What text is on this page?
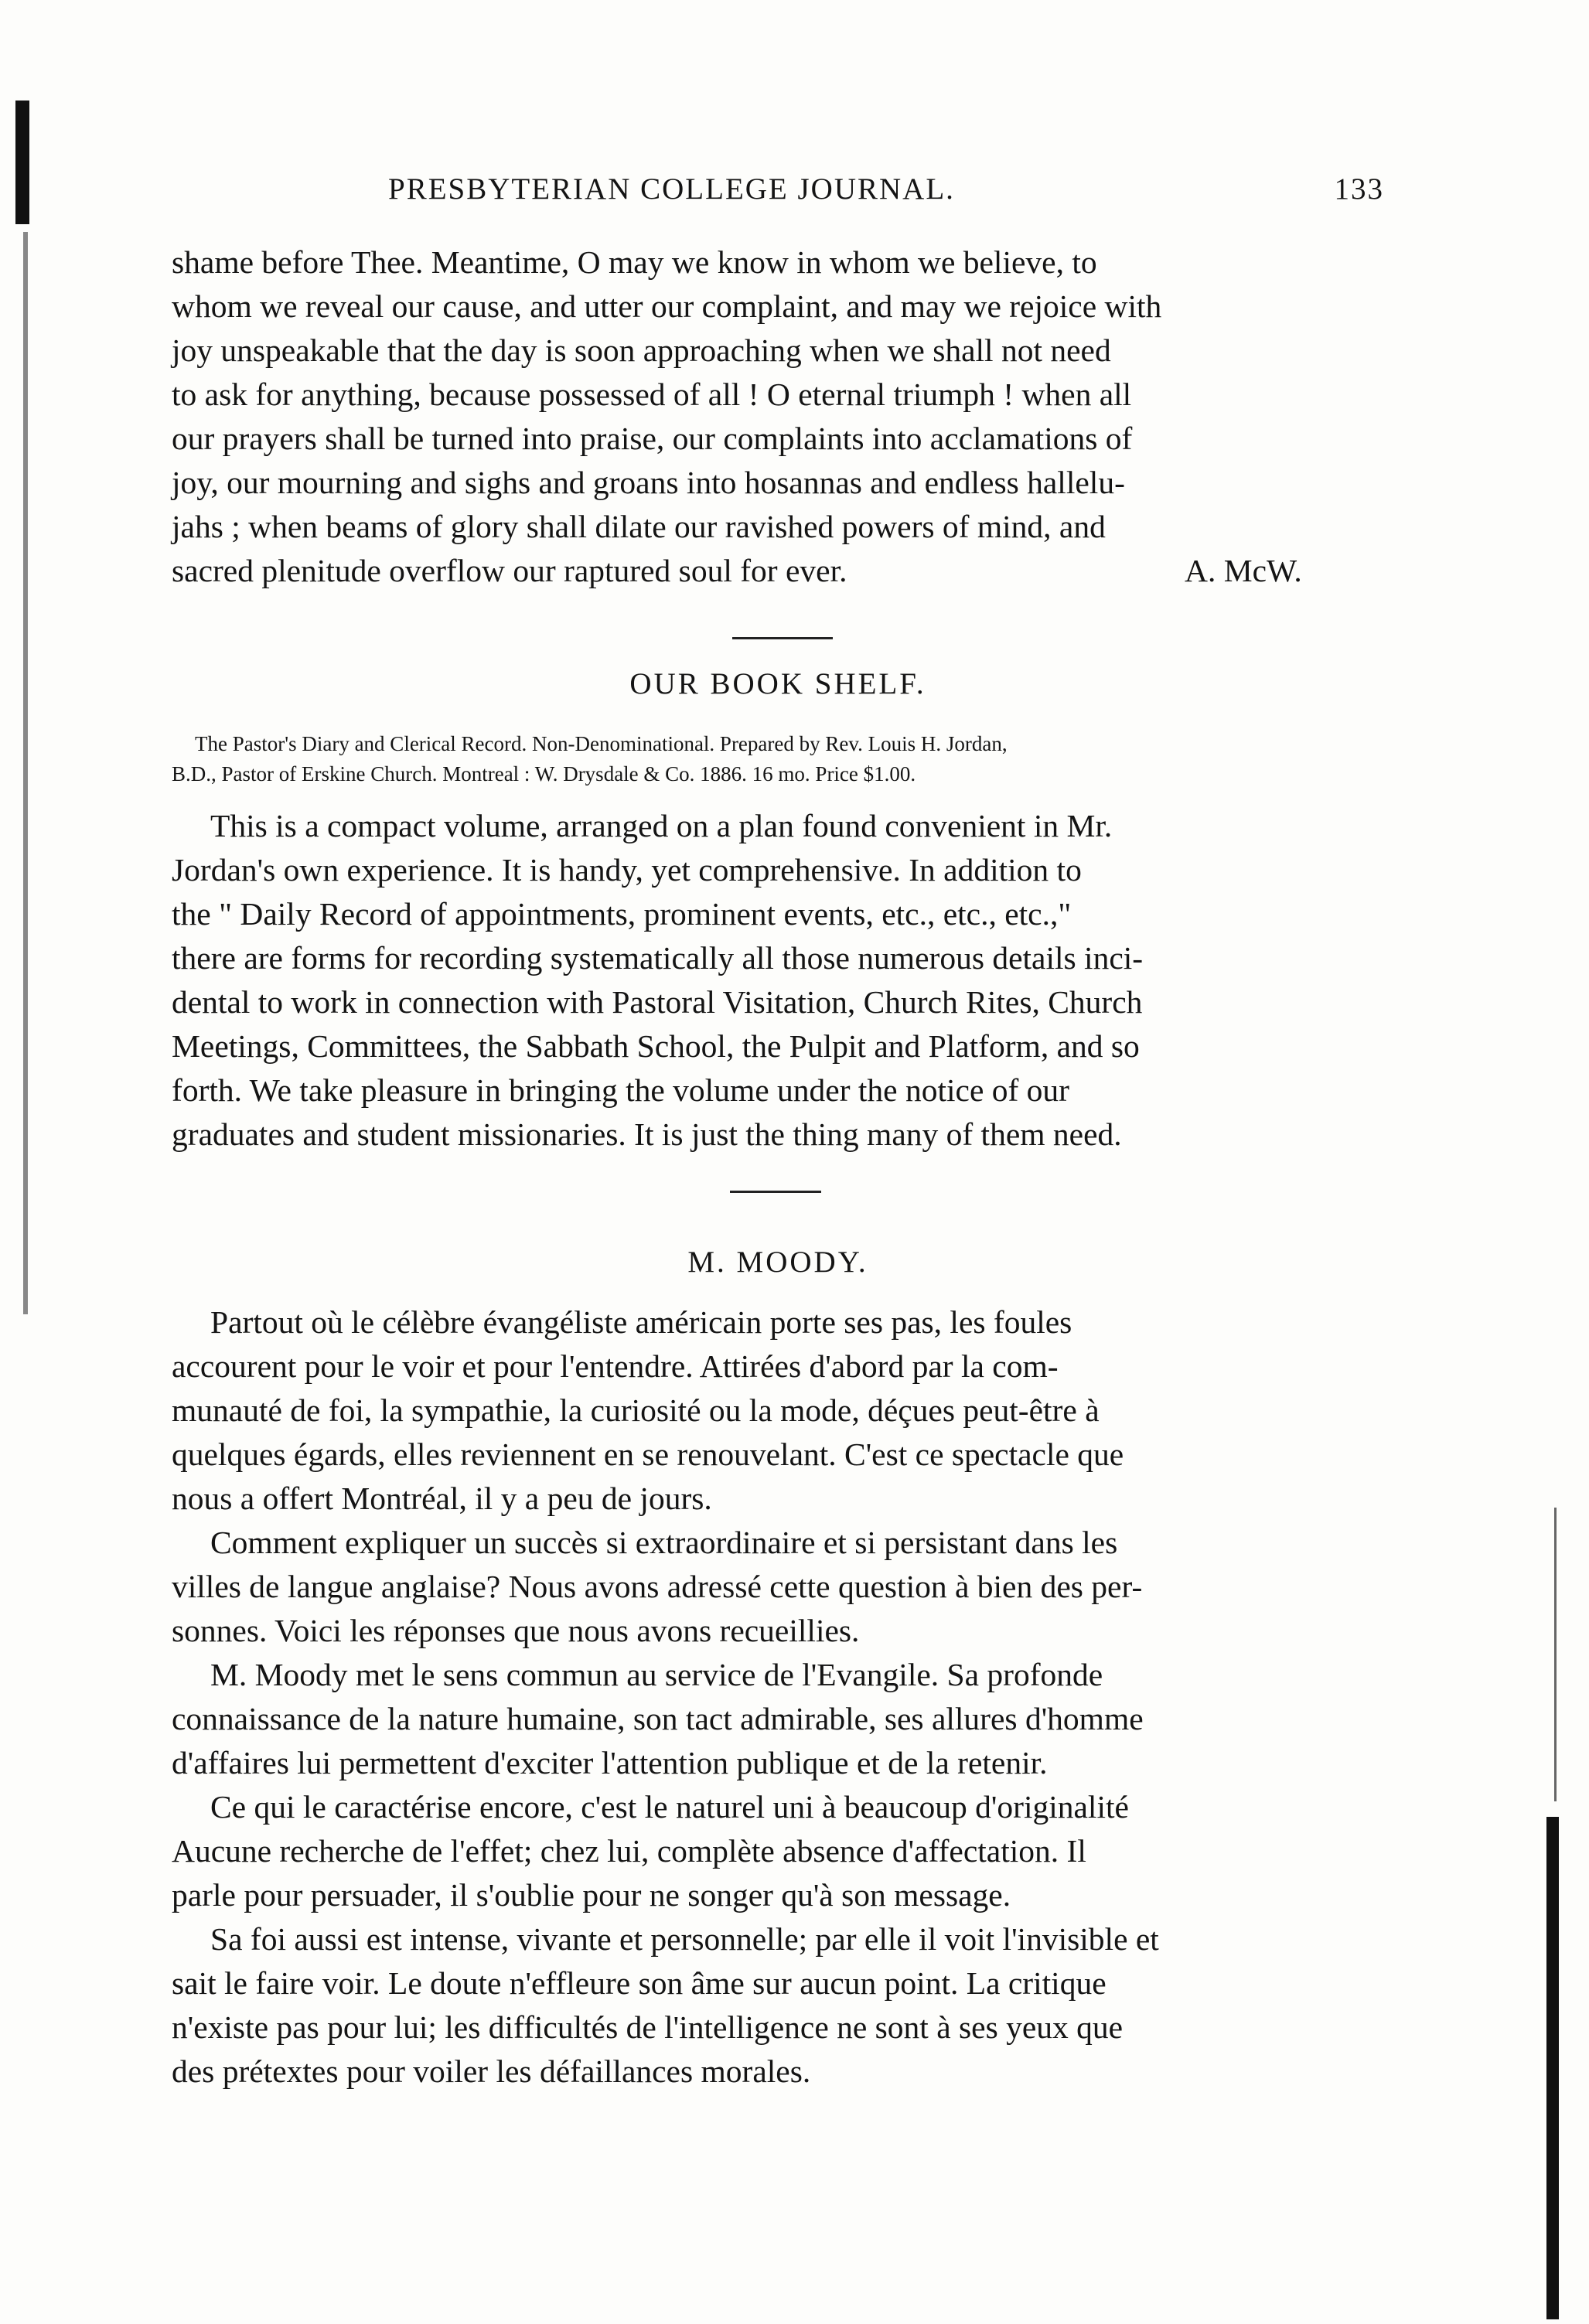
PRESBYTERIAN COLLEGE JOURNAL.	133

shame before Thee. Meantime, O may we know in whom we believe, to

whom we reveal our cause, and utter our complaint, and may we rejoice with

joy unspeakable that the day is soon approaching when we shall not need

to ask for anything, because possessed of all ! O eternal triumph ! when all

our prayers shall be turned into praise, our complaints into acclamations of

joy, our mourning and sighs and groans into hosannas and endless hallelu-

jahs ; when beams of glory shall dilate our ravished powers of mind, and

sacred plenitude overflow our raptured soul for ever.	A. McW.

OUR BOOK SHELF.

The Pastor's Diary and Clerical Record. Non-Denominational. Prepared by Rev. Louis H. Jordan,

B.D., Pastor of Erskine Church. Montreal : W. Drysdale & Co. 1886. 16 mo. Price $1.00.

This is a compact volume, arranged on a plan found convenient in Mr.

Jordan's own experience. It is handy, yet comprehensive. In addition to

the " Daily Record of appointments, prominent events, etc., etc., etc.,"

there are forms for recording systematically all those numerous details inci-

dental to work in connection with Pastoral Visitation, Church Rites, Church

Meetings, Committees, the Sabbath School, the Pulpit and Platform, and so

forth. We take pleasure in bringing the volume under the notice of our

graduates and student missionaries. It is just the thing many of them need.

M. MOODY.

Partout où le célèbre évangéliste américain porte ses pas, les foules

accourent pour le voir et pour l'entendre. Attirées d'abord par la com-

munauté de foi, la sympathie, la curiosité ou la mode, déçues peut-être à

quelques égards, elles reviennent en se renouvelant. C'est ce spectacle que

nous a offert Montréal, il y a peu de jours.

Comment expliquer un succès si extraordinaire et si persistant dans les

villes de langue anglaise? Nous avons adressé cette question à bien des per-

sonnes. Voici les réponses que nous avons recueillies.

M. Moody met le sens commun au service de l'Evangile. Sa profonde

connaissance de la nature humaine, son tact admirable, ses allures d'homme

d'affaires lui permettent d'exciter l'attention publique et de la retenir.

Ce qui le caractérise encore, c'est le naturel uni à beaucoup d'originalité

Aucune recherche de l'effet; chez lui, complète absence d'affectation. Il

parle pour persuader, il s'oublie pour ne songer qu'à son message.

Sa foi aussi est intense, vivante et personnelle; par elle il voit l'invisible et

sait le faire voir. Le doute n'effleure son âme sur aucun point. La critique

n'existe pas pour lui; les difficultés de l'intelligence ne sont à ses yeux que

des prétextes pour voiler les défaillances morales.
